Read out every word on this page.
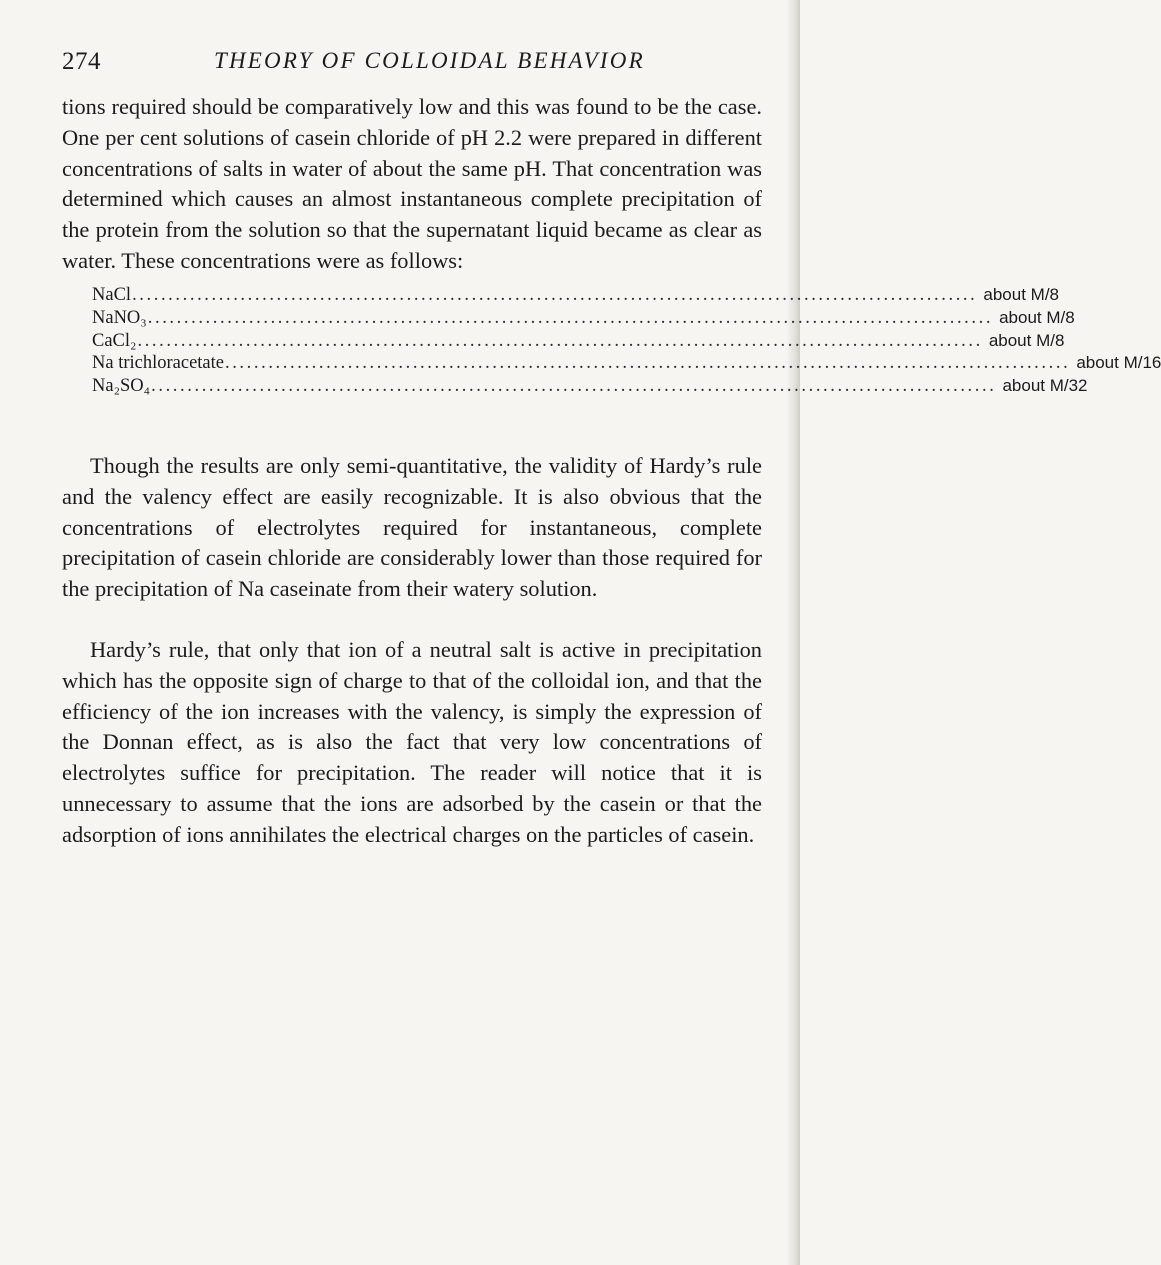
274	THEORY OF COLLOIDAL BEHAVIOR

tions required should be comparatively low and this was found to be the case. One per cent solutions of casein chloride of pH 2.2 were prepared in different concentrations of salts in water of about the same pH. That concentration was determined which causes an almost instantaneous complete precipitation of the protein from the solution so that the supernatant liquid became as clear as water. These concentrations were as follows:

NaCl ..................................................................................................................... about M/8
NaNO₃ ..................................................................................................................... about M/8
CaCl₂ ..................................................................................................................... about M/8
Na trichloracetate ..................................................................................................................... about M/16
Na₂SO₄ ..................................................................................................................... about M/32

Though the results are only semi-quantitative, the validity of Hardy’s rule and the valency effect are easily recognizable. It is also obvious that the concentrations of electrolytes required for instantaneous, complete precipitation of casein chloride are considerably lower than those required for the precipitation of Na caseinate from their watery solution.

Hardy’s rule, that only that ion of a neutral salt is active in precipitation which has the opposite sign of charge to that of the colloidal ion, and that the efficiency of the ion increases with the valency, is simply the expression of the Donnan effect, as is also the fact that very low concentrations of electrolytes suffice for precipitation. The reader will notice that it is unnecessary to assume that the ions are adsorbed by the casein or that the adsorption of ions annihilates the electrical charges on the particles of casein.
